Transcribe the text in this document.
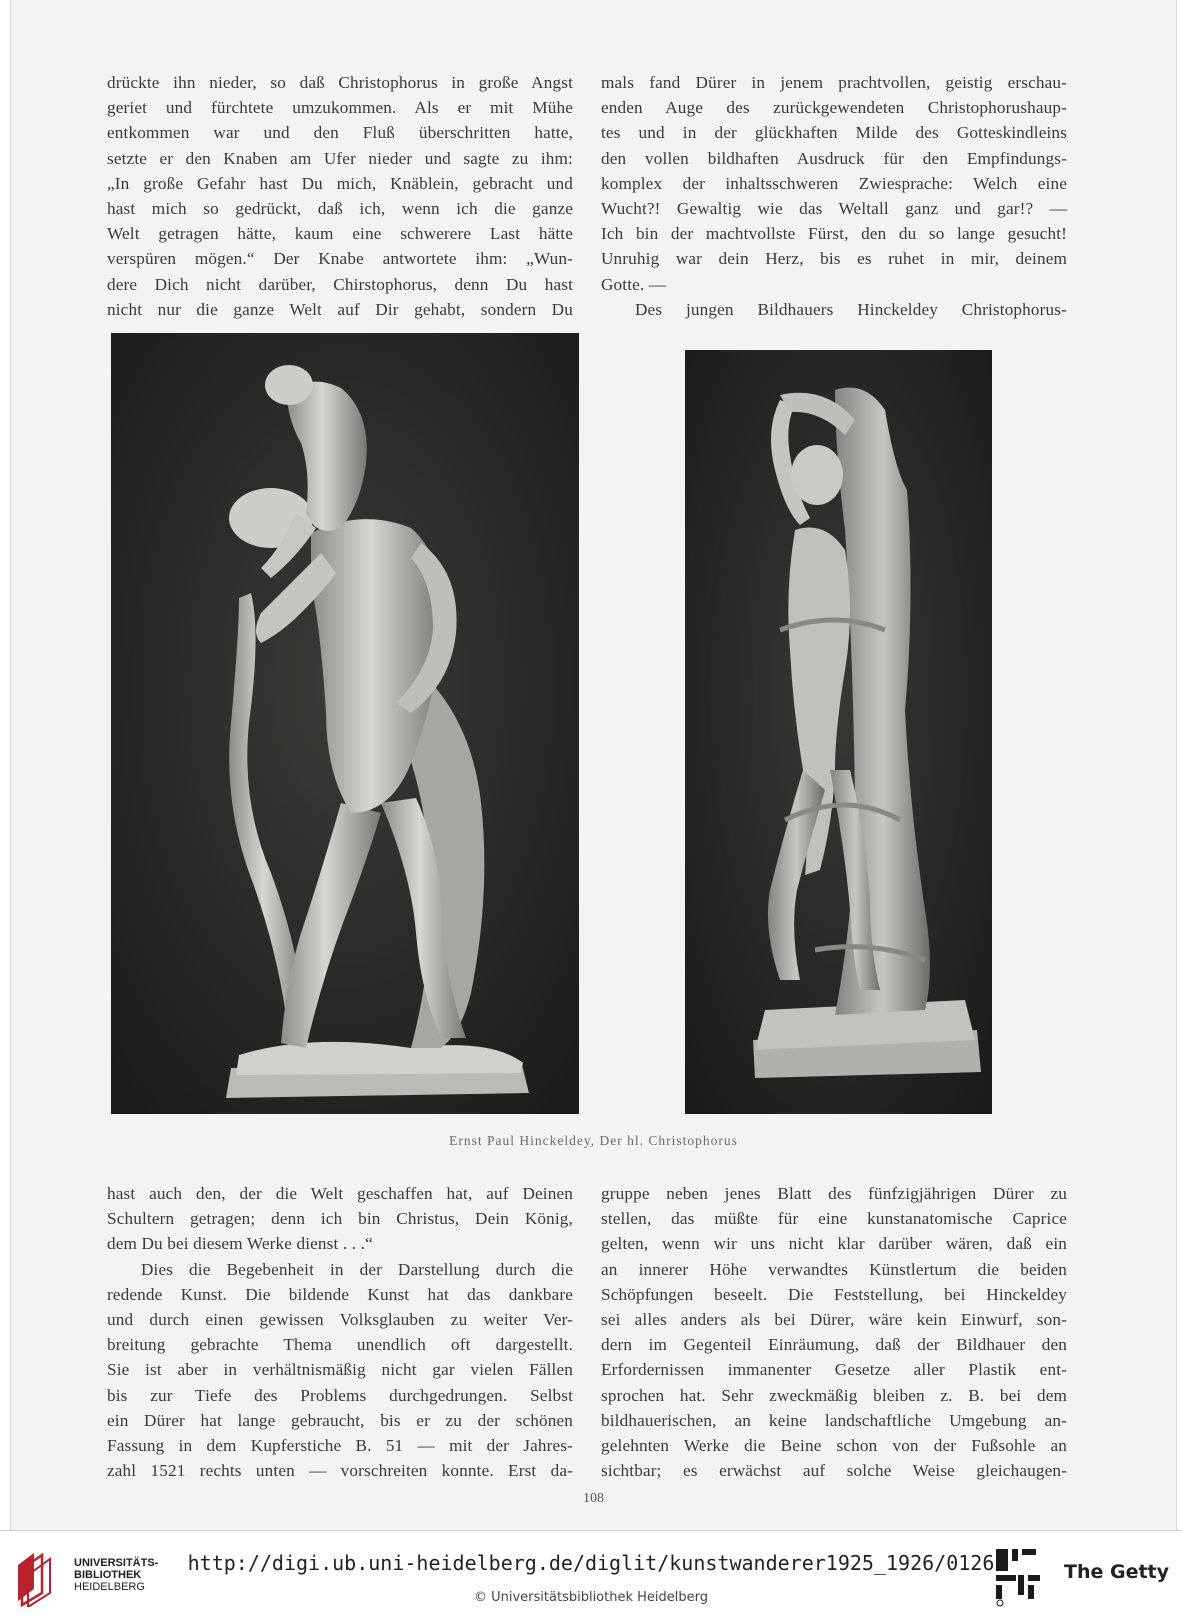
drückte ihn nieder, so daß Christophorus in große Angst
geriet und fürchtete umzukommen. Als er mit Mühe
entkommen war und den Fluß überschritten hatte,
setzte er den Knaben am Ufer nieder und sagte zu ihm:
„In große Gefahr hast Du mich, Knäblein, gebracht und
hast mich so gedrückt, daß ich, wenn ich die ganze
Welt getragen hätte, kaum eine schwerere Last hätte
verspüren mögen.“ Der Knabe antwortete ihm: „Wun-
dere Dich nicht darüber, Chirstophorus, denn Du hast
nicht nur die ganze Welt auf Dir gehabt, sondern Du
mals fand Dürer in jenem prachtvollen, geistig erschau-
enden Auge des zurückgewendeten Christophorushaup-
tes und in der glückhaften Milde des Gotteskindleins
den vollen bildhaften Ausdruck für den Empfindungs-
komplex der inhaltsschweren Zwiesprache: Welch eine
Wucht?! Gewaltig wie das Weltall ganz und gar!? —
Ich bin der machtvollste Fürst, den du so lange gesucht!
Unruhig war dein Herz, bis es ruhet in mir, deinem
Gotte. —
Des jungen Bildhauers Hinckeldey Christophorus-
Ernst Paul Hinckeldey, Der hl. Christophorus
hast auch den, der die Welt geschaffen hat, auf Deinen
Schultern getragen; denn ich bin Christus, Dein König,
dem Du bei diesem Werke dienst . . .“
Dies die Begebenheit in der Darstellung durch die
redende Kunst. Die bildende Kunst hat das dankbare
und durch einen gewissen Volksglauben zu weiter Ver-
breitung gebrachte Thema unendlich oft dargestellt.
Sie ist aber in verhältnismäßig nicht gar vielen Fällen
bis zur Tiefe des Problems durchgedrungen. Selbst
ein Dürer hat lange gebraucht, bis er zu der schönen
Fassung in dem Kupferstiche B. 51 — mit der Jahres-
zahl 1521 rechts unten — vorschreiten konnte. Erst da-
gruppe neben jenes Blatt des fünfzigjährigen Dürer zu
stellen, das müßte für eine kunstanatomische Caprice
gelten, wenn wir uns nicht klar darüber wären, daß ein
an innerer Höhe verwandtes Künstlertum die beiden
Schöpfungen beseelt. Die Feststellung, bei Hinckeldey
sei alles anders als bei Dürer, wäre kein Einwurf, son-
dern im Gegenteil Einräumung, daß der Bildhauer den
Erfordernissen immanenter Gesetze aller Plastik ent-
sprochen hat. Sehr zweckmäßig bleiben z. B. bei dem
bildhauerischen, an keine landschaftliche Umgebung an-
gelehnten Werke die Beine schon von der Fußsohle an
sichtbar; es erwächst auf solche Weise gleichaugen-
108
UNIVERSITÄTS-
BIBLIOTHEK
HEIDELBERG
http://digi.ub.uni-heidelberg.de/diglit/kunstwanderer1925_1926/0126
© Universitätsbibliothek Heidelberg
The Getty
